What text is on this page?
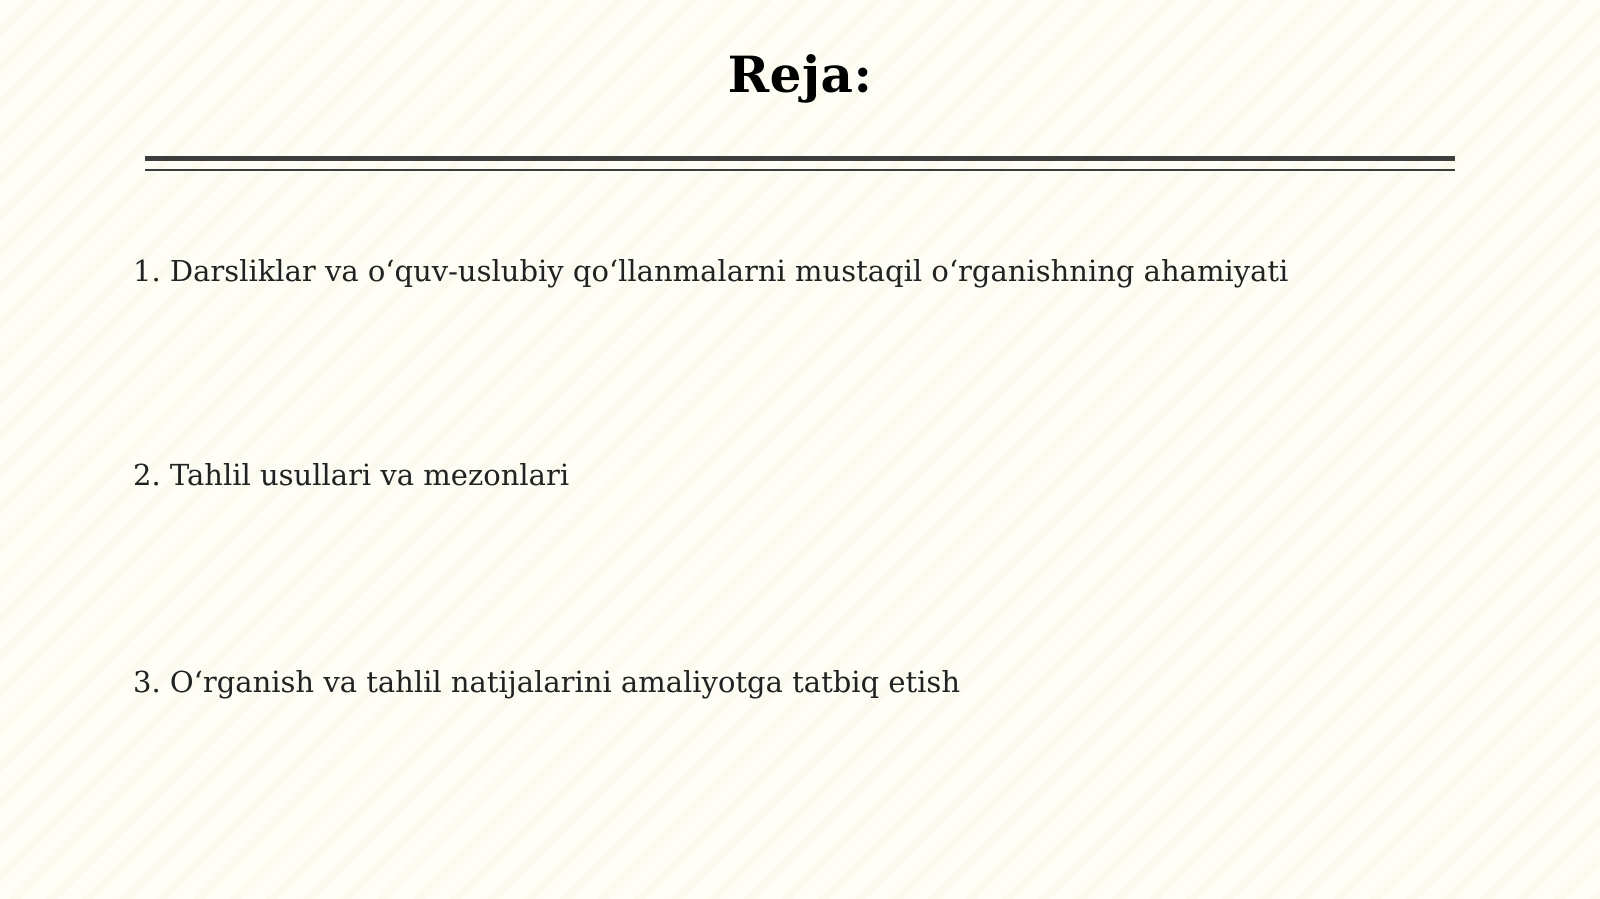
Reja:
1. Darsliklar va o‘quv-uslubiy qo‘llanmalarni mustaqil o‘rganishning ahamiyati
2. Tahlil usullari va mezonlari
3. O‘rganish va tahlil natijalarini amaliyotga tatbiq etish
